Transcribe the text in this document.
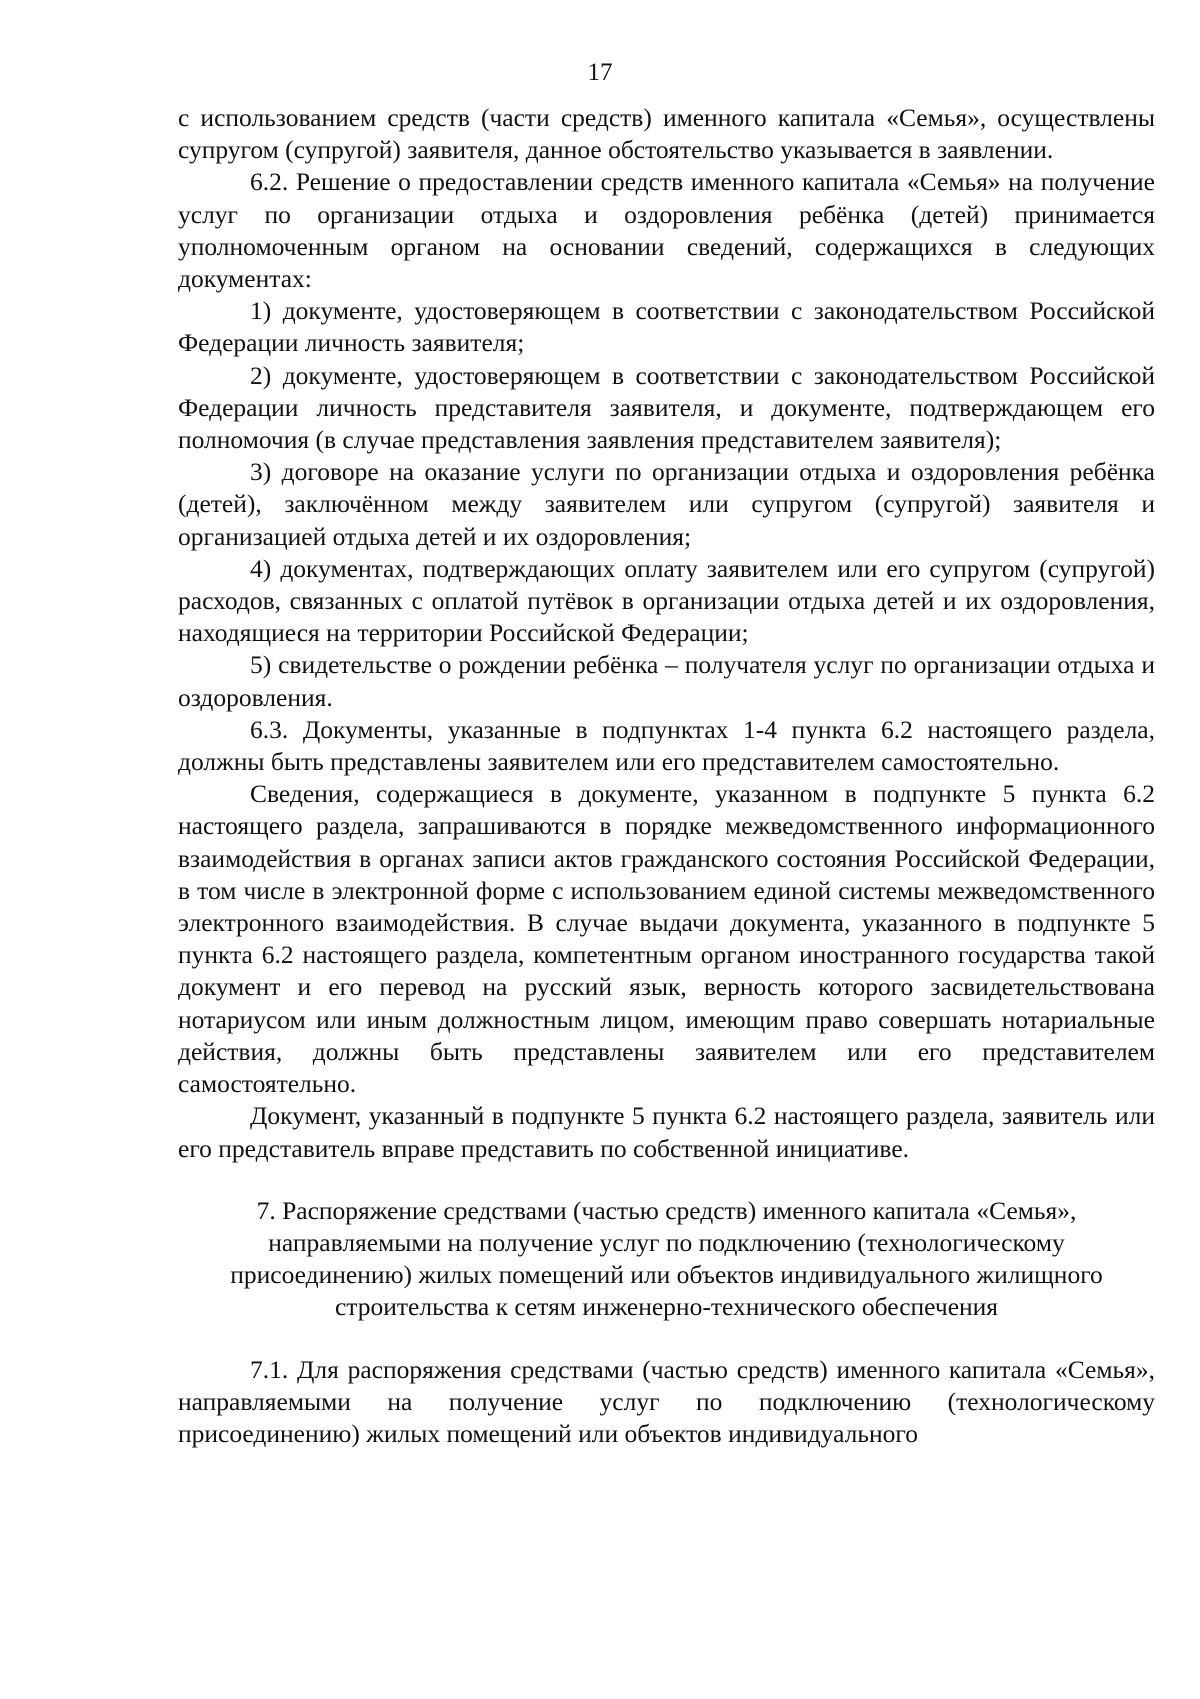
17

с использованием средств (части средств) именного капитала «Семья», осуществлены супругом (супругой) заявителя, данное обстоятельство указывается в заявлении.

6.2. Решение о предоставлении средств именного капитала «Семья» на получение услуг по организации отдыха и оздоровления ребёнка (детей) принимается уполномоченным органом на основании сведений, содержащихся в следующих документах:

1) документе, удостоверяющем в соответствии с законодательством Российской Федерации личность заявителя;

2) документе, удостоверяющем в соответствии с законодательством Российской Федерации личность представителя заявителя, и документе, подтверждающем его полномочия (в случае представления заявления представителем заявителя);

3) договоре на оказание услуги по организации отдыха и оздоровления ребёнка (детей), заключённом между заявителем или супругом (супругой) заявителя и организацией отдыха детей и их оздоровления;

4) документах, подтверждающих оплату заявителем или его супругом (супругой) расходов, связанных с оплатой путёвок в организации отдыха детей и их оздоровления, находящиеся на территории Российской Федерации;

5) свидетельстве о рождении ребёнка – получателя услуг по организации отдыха и оздоровления.

6.3. Документы, указанные в подпунктах 1-4 пункта 6.2 настоящего раздела, должны быть представлены заявителем или его представителем самостоятельно.

Сведения, содержащиеся в документе, указанном в подпункте 5 пункта 6.2 настоящего раздела, запрашиваются в порядке межведомственного информационного взаимодействия в органах записи актов гражданского состояния Российской Федерации, в том числе в электронной форме с использованием единой системы межведомственного электронного взаимодействия. В случае выдачи документа, указанного в подпункте 5 пункта 6.2 настоящего раздела, компетентным органом иностранного государства такой документ и его перевод на русский язык, верность которого засвидетельствована нотариусом или иным должностным лицом, имеющим право совершать нотариальные действия, должны быть представлены заявителем или его представителем самостоятельно.

Документ, указанный в подпункте 5 пункта 6.2 настоящего раздела, заявитель или его представитель вправе представить по собственной инициативе.

7. Распоряжение средствами (частью средств) именного капитала «Семья»,
направляемыми на получение услуг по подключению (технологическому
присоединению) жилых помещений или объектов индивидуального жилищного
строительства к сетям инженерно-технического обеспечения

7.1. Для распоряжения средствами (частью средств) именного капитала «Семья», направляемыми на получение услуг по подключению (технологическому присоединению) жилых помещений или объектов индивидуального
